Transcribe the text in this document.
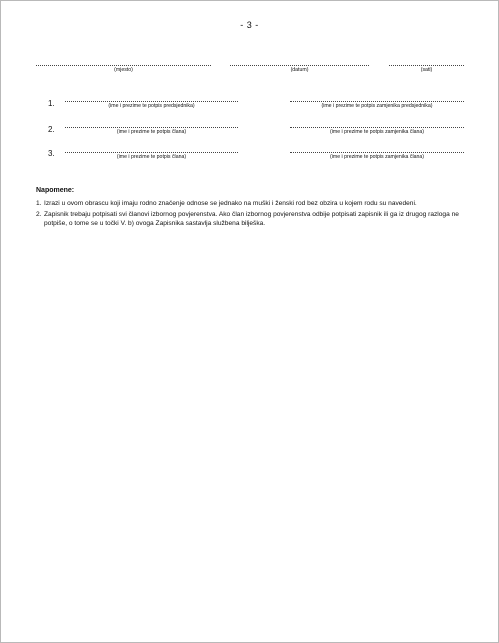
- 3 -
(mjesto)	(datum)	(sati)
1.	(ime i prezime te potpis predsjednika)	(ime i prezime te potpis zamjenika predsjednika)
2.	(ime i prezime te potpis člana)	(ime i prezime te potpis zamjenika člana)
3.	(ime i prezime te potpis člana)	(ime i prezime te potpis zamjenika člana)
Napomene:
1. Izrazi u ovom obrascu koji imaju rodno značenje odnose se jednako na muški i ženski rod bez obzira u kojem rodu su navedeni.
2. Zapisnik trebaju potpisati svi članovi izbornog povjerenstva. Ako član izbornog povjerenstva odbije potpisati zapisnik ili ga iz drugog razloga ne potpiše, o tome se u točki V. b) ovoga Zapisnika sastavlja službena bilješka.
